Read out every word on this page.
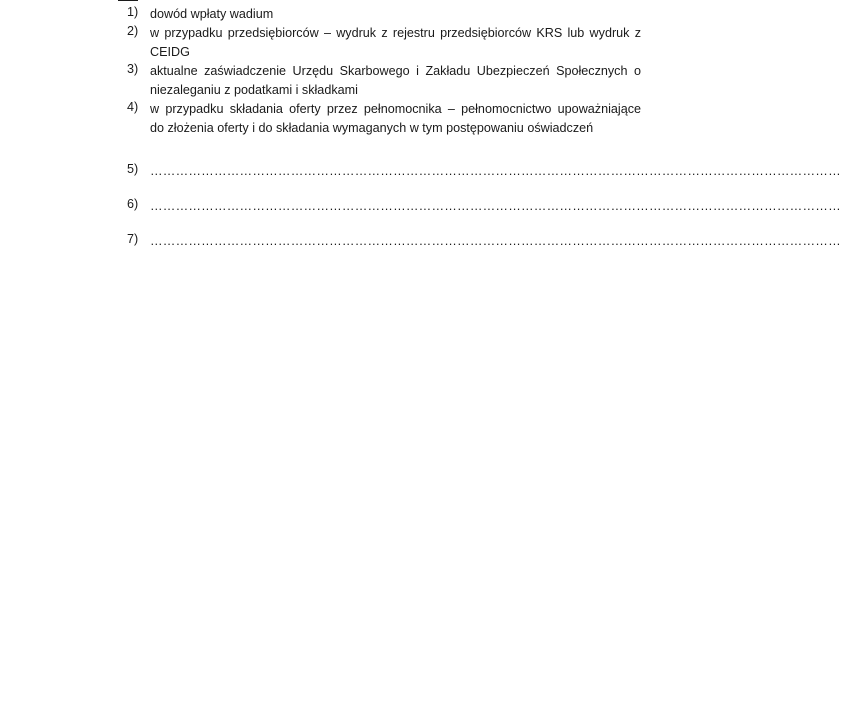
1) dowód wpłaty wadium
2) w przypadku przedsiębiorców – wydruk z rejestru przedsiębiorców KRS lub wydruk z
CEIDG
3) aktualne zaświadczenie Urzędu Skarbowego i Zakładu Ubezpieczeń Społecznych o
niezaleganiu z podatkami i składkami
4) w przypadku składania oferty przez pełnomocnika – pełnomocnictwo upoważniające
do złożenia oferty i do składania wymaganych w tym postępowaniu oświadczeń
5) ………………………………………………………………………………………………………………………………………………
6) ………………………………………………………………………………………………………………………………………………
7) ………………………………………………………………………………………………………………………………………………
